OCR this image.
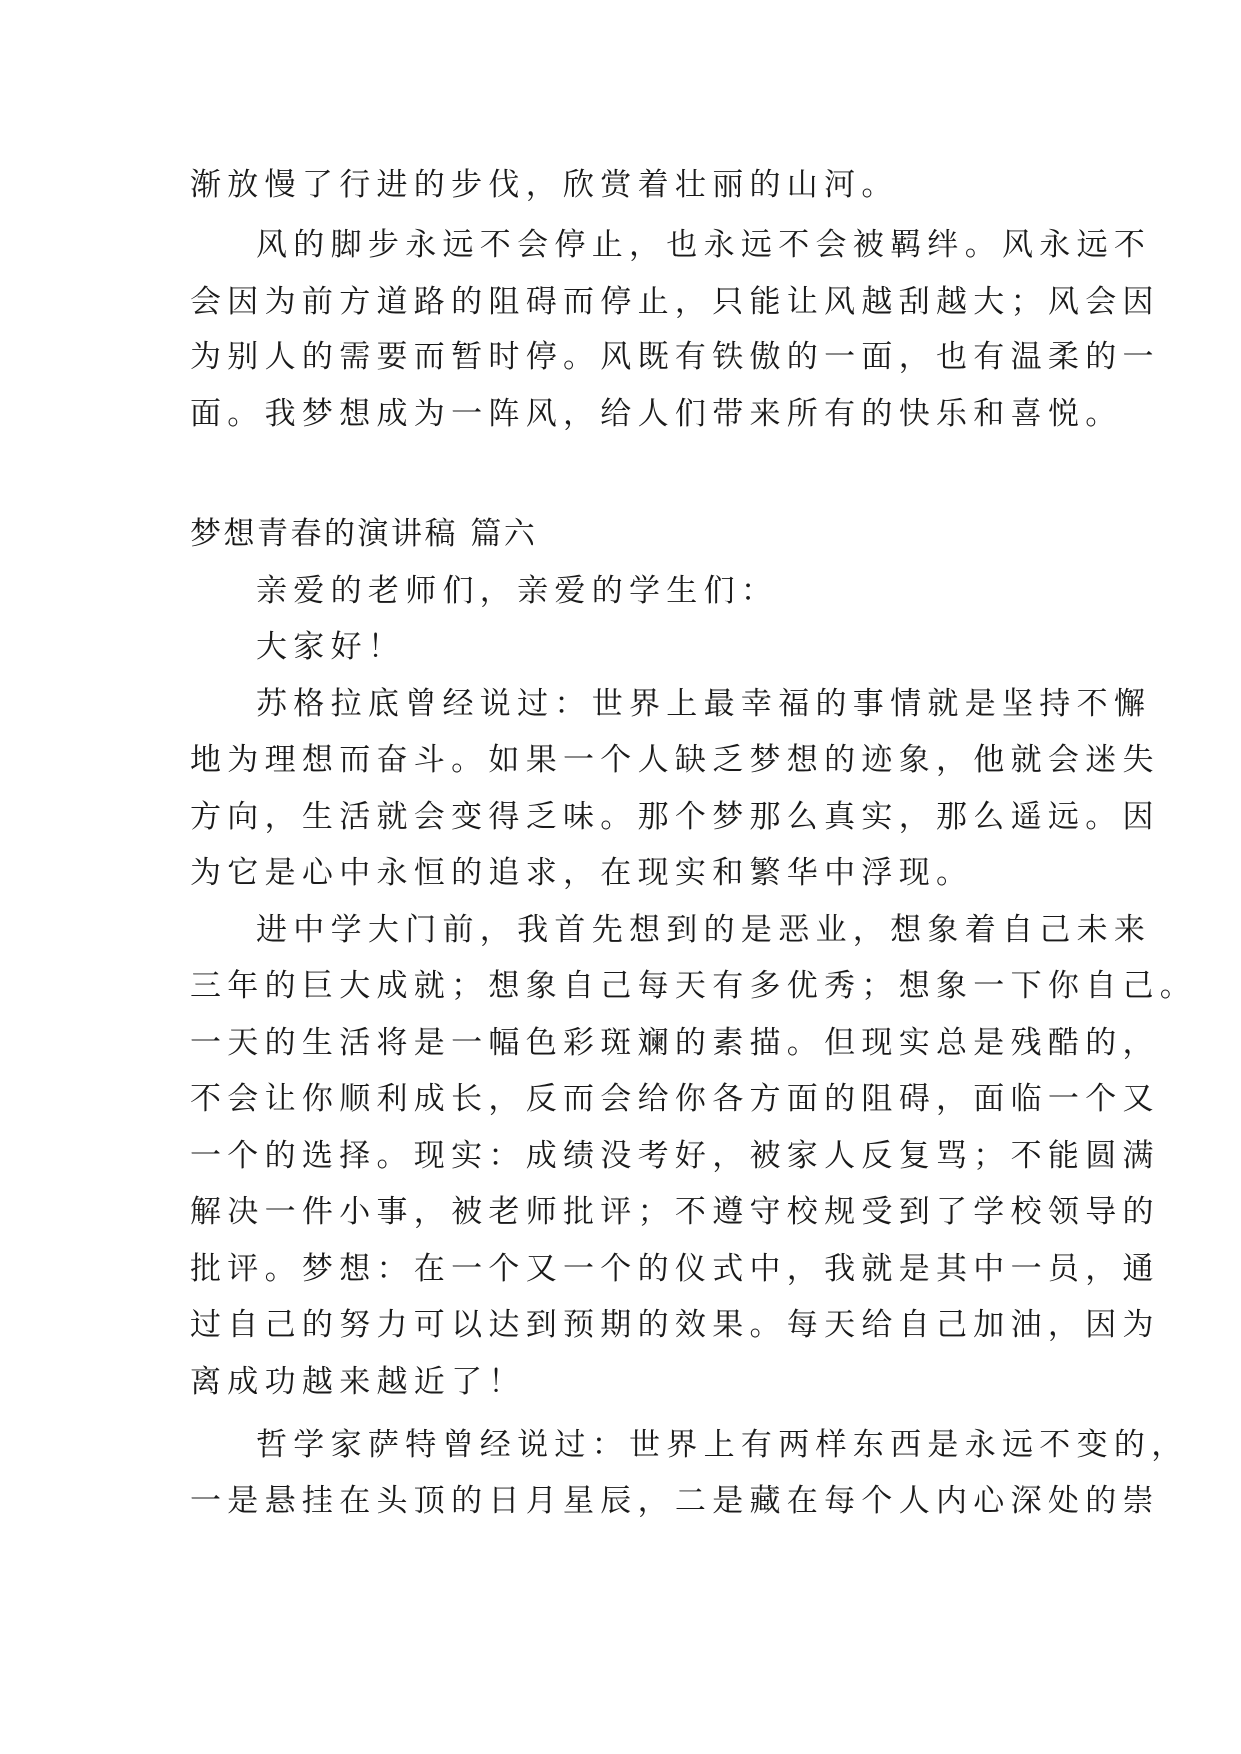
渐放慢了行进的步伐，欣赏着壮丽的山河。
风的脚步永远不会停止，也永远不会被羁绊。风永远不
会因为前方道路的阻碍而停止，只能让风越刮越大；风会因
为别人的需要而暂时停。风既有铁傲的一面，也有温柔的一
面。我梦想成为一阵风，给人们带来所有的快乐和喜悦。
梦想青春的演讲稿 篇六
亲爱的老师们，亲爱的学生们：
大家好！
苏格拉底曾经说过：世界上最幸福的事情就是坚持不懈
地为理想而奋斗。如果一个人缺乏梦想的迹象，他就会迷失
方向，生活就会变得乏味。那个梦那么真实，那么遥远。因
为它是心中永恒的追求，在现实和繁华中浮现。
进中学大门前，我首先想到的是恶业，想象着自己未来
三年的巨大成就；想象自己每天有多优秀；想象一下你自己。
一天的生活将是一幅色彩斑斓的素描。但现实总是残酷的，
不会让你顺利成长，反而会给你各方面的阻碍，面临一个又
一个的选择。现实：成绩没考好，被家人反复骂；不能圆满
解决一件小事，被老师批评；不遵守校规受到了学校领导的
批评。梦想：在一个又一个的仪式中，我就是其中一员，通
过自己的努力可以达到预期的效果。每天给自己加油，因为
离成功越来越近了！
哲学家萨特曾经说过：世界上有两样东西是永远不变的，
一是悬挂在头顶的日月星辰，二是藏在每个人内心深处的崇
